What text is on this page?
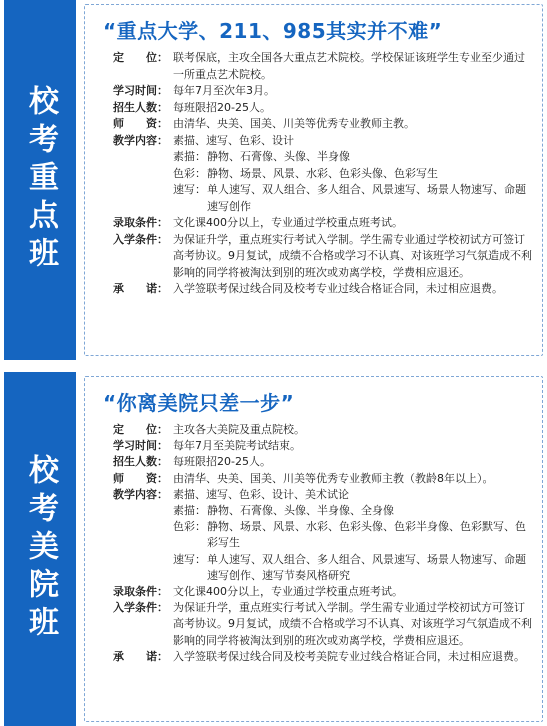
校考重点班
“重点大学、211、985其实并不难”
定　　位： 联考保底，主攻全国各大重点艺术院校。学校保证该班学生专业至少通过一所重点艺术院校。
学习时间： 每年7月至次年3月。
招生人数： 每班限招20-25人。
师　　资： 由清华、央美、国美、川美等优秀专业教师主教。
教学内容： 素描、速写、色彩、设计
素描： 静物、石膏像、头像、半身像
色彩： 静物、场景、风景、水彩、色彩头像、色彩写生
速写： 单人速写、双人组合、多人组合、风景速写、场景人物速写、命题速写创作
录取条件： 文化课400分以上，专业通过学校重点班考试。
入学条件： 为保证升学，重点班实行考试入学制。学生需专业通过学校初试方可签订高考协议。9月复试，成绩不合格或学习不认真、对该班学习气氛造成不利影响的同学将被淘汰到别的班次或劝离学校，学费相应退还。
承　　诺： 入学签联考保过线合同及校考专业过线合格证合同，未过相应退费。
校考美院班
“你离美院只差一步”
定　　位： 主攻各大美院及重点院校。
学习时间： 每年7月至美院考试结束。
招生人数： 每班限招20-25人。
师　　资： 由清华、央美、国美、川美等优秀专业教师主教（教龄8年以上）。
教学内容： 素描、速写、色彩、设计、美术试论
素描： 静物、石膏像、头像、半身像、全身像
色彩： 静物、场景、风景、水彩、色彩头像、色彩半身像、色彩默写、色彩写生
速写： 单人速写、双人组合、多人组合、风景速写、场景人物速写、命题速写创作、速写节奏风格研究
录取条件： 文化课400分以上，专业通过学校重点班考试。
入学条件： 为保证升学，重点班实行考试入学制。学生需专业通过学校初试方可签订高考协议。9月复试，成绩不合格或学习不认真、对该班学习气氛造成不利影响的同学将被淘汰到别的班次或劝离学校，学费相应退还。
承　　诺： 入学签联考保过线合同及校考美院专业过线合格证合同，未过相应退费。
